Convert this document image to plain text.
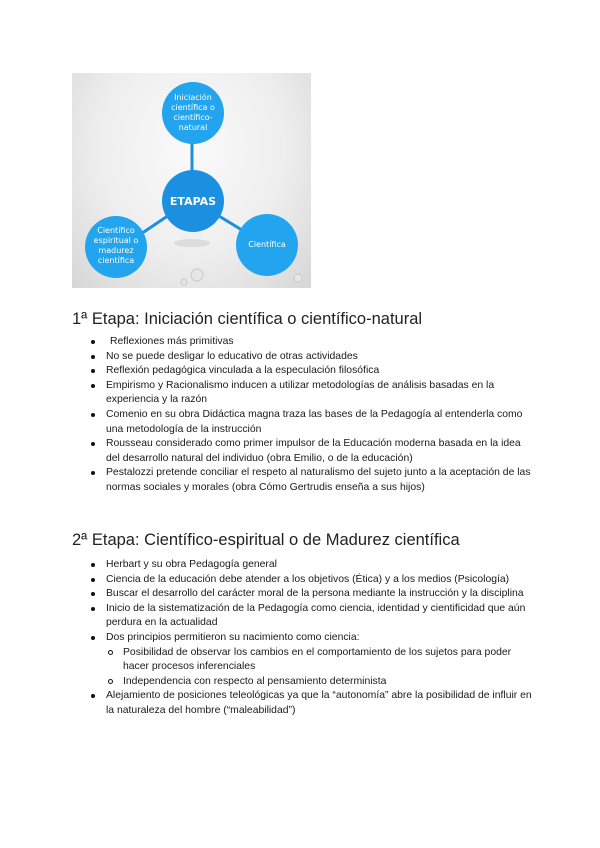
Iniciación científica o científico-natural
ETAPAS
Científico espiritual o madurez científica
Científica
1ª Etapa: Iniciación científica o científico-natural
Reflexiones más primitivas
No se puede desligar lo educativo de otras actividades
Reflexión pedagógica vinculada a la especulación filosófica
Empirismo y Racionalismo inducen a utilizar metodologías de análisis basadas en la experiencia y la razón
Comenio en su obra Didáctica magna traza las bases de la Pedagogía al entenderla como una metodología de la instrucción
Rousseau considerado como primer impulsor de la Educación moderna basada en la idea del desarrollo natural del individuo (obra Emilio, o de la educación)
Pestalozzi pretende conciliar el respeto al naturalismo del sujeto junto a la aceptación de las normas sociales y morales (obra Cómo Gertrudis enseña a sus hijos)
2ª Etapa: Científico-espiritual o de Madurez científica
Herbart y su obra Pedagogía general
Ciencia de la educación debe atender a los objetivos (Ética) y a los medios (Psicología)
Buscar el desarrollo del carácter moral de la persona mediante la instrucción y la disciplina
Inicio de la sistematización de la Pedagogía como ciencia, identidad y cientificidad que aún perdura en la actualidad
Dos principios permitieron su nacimiento como ciencia:
Posibilidad de observar los cambios en el comportamiento de los sujetos para poder hacer procesos inferenciales
Independencia con respecto al pensamiento determinista
Alejamiento de posiciones teleológicas ya que la “autonomía” abre la posibilidad de influir en la naturaleza del hombre (“maleabilidad”)
